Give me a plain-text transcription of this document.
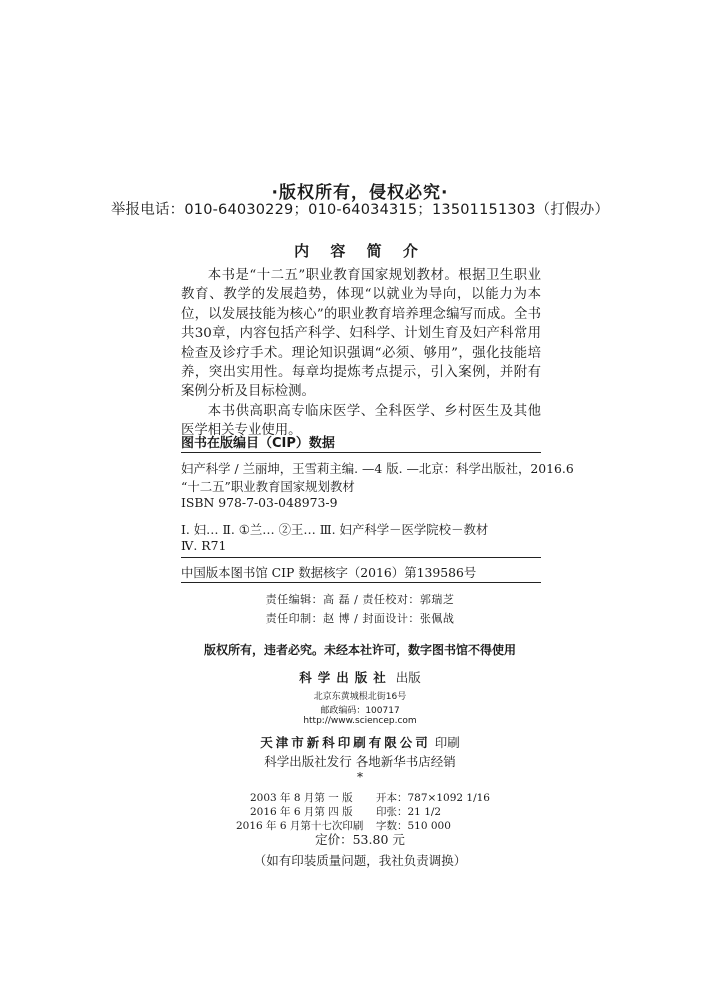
·版权所有，侵权必究·
举报电话：010-64030229；010-64034315；13501151303（打假办）
内 容 简 介

本书是“十二五”职业教育国家规划教材。根据卫生职业教育、教学的发展趋势，体现“以就业为导向，以能力为本位，以发展技能为核心”的职业教育培养理念编写而成。全书共30章，内容包括产科学、妇科学、计划生育及妇产科常用检查及诊疗手术。理论知识强调“必须、够用”，强化技能培养，突出实用性。每章均提炼考点提示，引入案例，并附有案例分析及目标检测。

本书供高职高专临床医学、全科医学、乡村医生及其他医学相关专业使用。

图书在版编目（CIP）数据
妇产科学 / 兰丽坤，王雪莉主编. —4 版. —北京：科学出版社，2016.6
“十二五”职业教育国家规划教材
ISBN 978-7-03-048973-9
Ⅰ. 妇… Ⅱ. ①兰… ②王… Ⅲ. 妇产科学－医学院校－教材
Ⅳ. R71
中国版本图书馆 CIP 数据核字（2016）第139586号
责任编辑：高 磊 / 责任校对：郭瑞芝
责任印制：赵 博 / 封面设计：张佩战
版权所有，违者必究。未经本社许可，数字图书馆不得使用
科学出版社 出版
北京东黄城根北街16号
邮政编码：100717
http://www.sciencep.com
天津市新科印刷有限公司 印刷
科学出版社发行 各地新华书店经销
*
2003 年 8 月第 一 版 开本：787×1092 1/16
2016 年 6 月第 四 版 印张：21 1/2
2016 年 6 月第十七次印刷 字数：510 000
定价：53.80 元
（如有印装质量问题，我社负责调换）
